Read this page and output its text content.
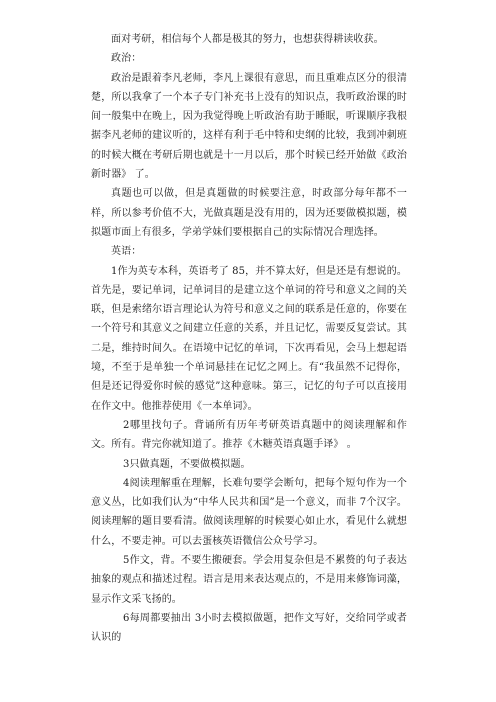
面对考研，相信每个人都是极其的努力，也想获得耕读收获。

政治：

政治是跟着李凡老师，李凡上课很有意思，而且重难点区分的很清楚，所以我拿了一个本子专门补充书上没有的知识点，我听政治课的时间一般集中在晚上，因为我觉得晚上听政治有助于睡眠，听课顺序我根据李凡老师的建议听的，这样有利于毛中特和史纲的比较，我到冲刺班的时候大概在考研后期也就是十一月以后，那个时候已经开始做《政治新时器》 了。

真题也可以做，但是真题做的时候要注意，时政部分每年都不一样，所以参考价值不大，光做真题是没有用的，因为还要做模拟题，模拟题市面上有很多，学弟学妹们要根据自己的实际情况合理选择。

英语：

1作为英专本科，英语考了 85，并不算太好，但是还是有想说的。首先是，要记单词，记单词目的是建立这个单词的符号和意义之间的关联，但是索绪尔语言理论认为符号和意义之间的联系是任意的，你要在一个符号和其意义之间建立任意的关系，并且记忆，需要反复尝试。其二是，维持时间久。在语境中记忆的单词，下次再看见，会马上想起语境，不至于是单独一个单词悬挂在记忆之网上。有“我虽然不记得你，但是还记得爱你时候的感觉”这种意味。第三，记忆的句子可以直接用在作文中。他推荐使用《一本单词》。

2哪里找句子。背诵所有历年考研英语真题中的阅读理解和作文。所有。背完你就知道了。推荐《木糖英语真题手译》 。

3只做真题，不要做模拟题。

4阅读理解重在理解，长难句要学会断句，把每个短句作为一个意义丛，比如我们认为“中华人民共和国”是一个意义，而非 7个汉字。阅读理解的题目要看清。做阅读理解的时候要心如止水，看见什么就想什么，不要走神。可以去蛋核英语微信公众号学习。

5作文，背。不要生搬硬套。学会用复杂但是不累赘的句子表达抽象的观点和描述过程。语言是用来表达观点的，不是用来修饰词藻，显示作文采飞扬的。

6每周都要抽出 3小时去模拟做题，把作文写好，交给同学或者认识的
